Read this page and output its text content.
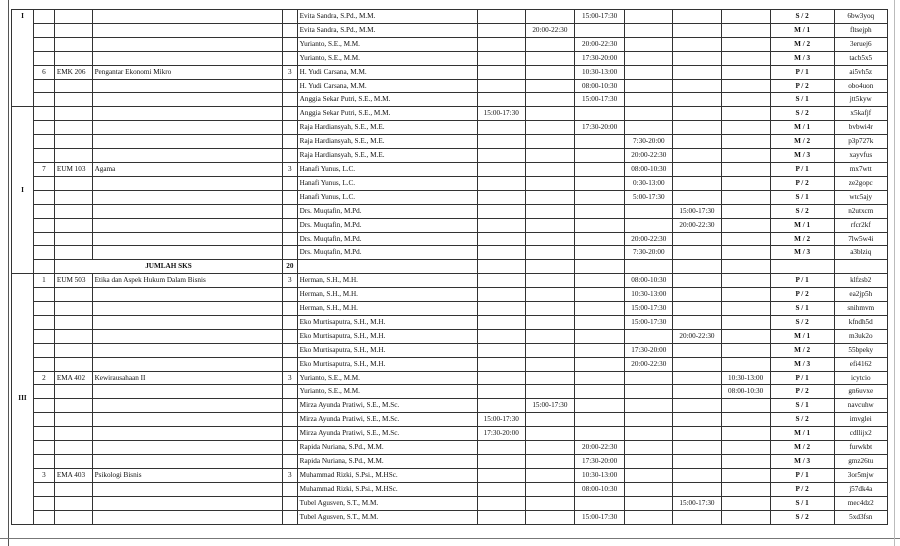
I					Evita Sandra, S.Pd., M.M.			15:00-17:30				S / 2	6bw3yoq
					Evita Sandra, S.Pd., M.M.		20:00-22:30					M / 1	fltsejph
					Yurianto, S.E., M.M.			20:00-22:30				M / 2	3eruej6
					Yurianto, S.E., M.M.			17:30-20:00				M / 3	tacb5x5
	6	EMK 206	Pengantar Ekonomi Mikro	3	H. Yudi Carsana, M.M.			10:30-13:00				P / 1	ai5vh5z
					H. Yudi Carsana, M.M.			08:00-10:30				P / 2	obo4uon
					Anggia Sekar Putri, S.E., M.M.			15:00-17:30				S / 1	jtt5kyw
I					Anggia Sekar Putri, S.E., M.M.	15:00-17:30						S / 2	x5kafjf
					Raja Hardiansyah, S.E., M.E.			17:30-20:00				M / 1	bvbwi4r
					Raja Hardiansyah, S.E., M.E.				7:30-20:00			M / 2	p3p727k
					Raja Hardiansyah, S.E., M.E.				20:00-22:30			M / 3	xayvfus
	7	EUM 103	Agama	3	Hanafi Yunus, L.C.				08:00-10:30			P / 1	mx7wtt
					Hanafi Yunus, L.C.				0:30-13:00			P / 2	ze2gopc
					Hanafi Yunus, L.C.				5:00-17:30			S / 1	wtc5ajy
					Drs. Muqtafin, M.Pd.					15:00-17:30		S / 2	n2utxcm
					Drs. Muqtafin, M.Pd.					20:00-22:30		M / 1	rfcr2kf
					Drs. Muqtafin, M.Pd.				20:00-22:30			M / 2	7lw5w4i
					Drs. Muqtafin, M.Pd.				7:30-20:00			M / 3	a3blziq
		JUMLAH SKS		20									
III	1	EUM 503	Etika dan Aspek Hukum Dalam Bisnis	3	Herman, S.H., M.H.				08:00-10:30			P / 1	klfzsb2
					Herman, S.H., M.H.				10:30-13:00			P / 2	ea2jp5h
					Herman, S.H., M.H.				15:00-17:30			S / 1	snihmvm
					Eko Murtisaputra, S.H., M.H.				15:00-17:30			S / 2	kfndh5d
					Eko Murtisaputra, S.H., M.H.					20:00-22:30		M / 1	m3uk2o
					Eko Murtisaputra, S.H., M.H.				17:30-20:00			M / 2	55bpeky
					Eko Murtisaputra, S.H., M.H.				20:00-22:30			M / 3	efi4162
	2	EMA 402	Kewirausahaan II	3	Yurianto, S.E., M.M.						10:30-13:00	P / 1	icytcio
					Yurianto, S.E., M.M.						08:00-10:30	P / 2	gn6uvxe
					Mirza Ayunda Pratiwi, S.E., M.Sc.		15:00-17:30					S / 1	navcuhw
					Mirza Ayunda Pratiwi, S.E., M.Sc.	15:00-17:30						S / 2	imvglei
					Mirza Ayunda Pratiwi, S.E., M.Sc.	17:30-20:00						M / 1	cdllijx2
					Rapida Nuriana, S.Pd., M.M.			20:00-22:30				M / 2	furwkbt
					Rapida Nuriana, S.Pd., M.M.			17:30-20:00				M / 3	gmz26tu
	3	EMA 403	Psikologi Bisnis	3	Muhammad Rizki, S.Psi., M.HSc.			10:30-13:00				P / 1	3or5mjw
					Muhammad Rizki, S.Psi., M.HSc.			08:00-10:30				P / 2	j57dk4a
					Tubel Agusven, S.T., M.M.					15:00-17:30		S / 1	mec4dz2
					Tubel Agusven, S.T., M.M.			15:00-17:30				S / 2	5xd3fsn
